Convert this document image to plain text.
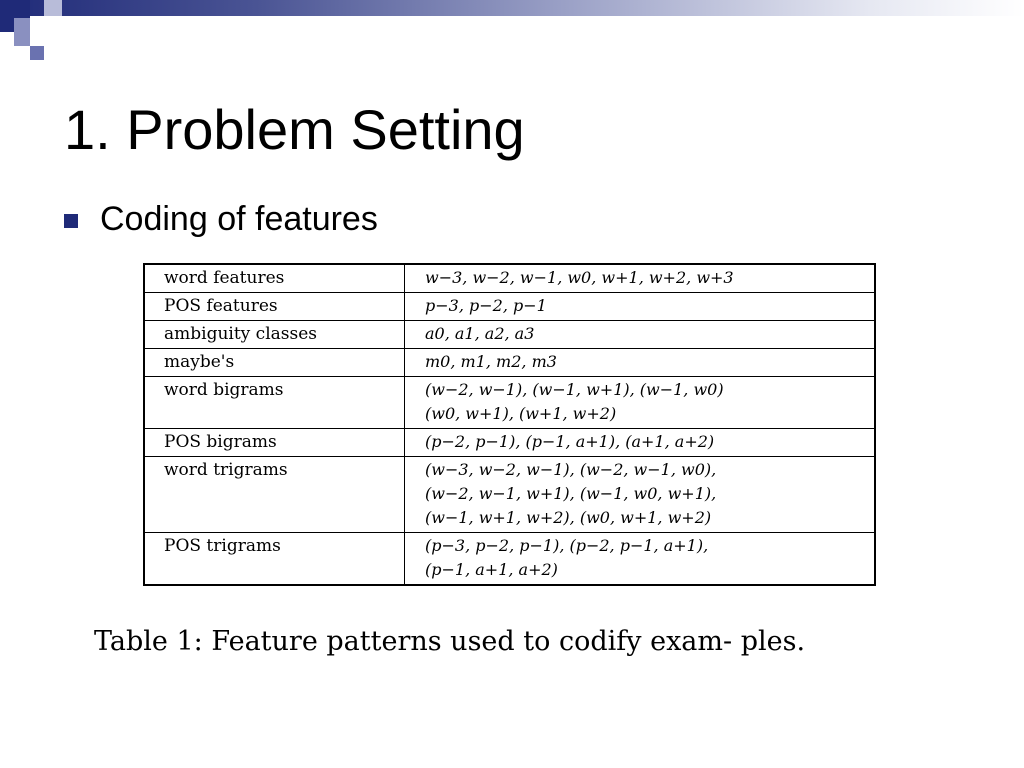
1. Problem Setting
Coding of features
word features	w−3, w−2, w−1, w0, w+1, w+2, w+3
POS features	p−3, p−2, p−1
ambiguity classes	a0, a1, a2, a3
maybe's	m0, m1, m2, m3
word bigrams	(w−2, w−1), (w−1, w+1), (w−1, w0)
(w0, w+1), (w+1, w+2)
POS bigrams	(p−2, p−1), (p−1, a+1), (a+1, a+2)
word trigrams	(w−3, w−2, w−1), (w−2, w−1, w0),
(w−2, w−1, w+1), (w−1, w0, w+1),
(w−1, w+1, w+2), (w0, w+1, w+2)
POS trigrams	(p−3, p−2, p−1), (p−2, p−1, a+1),
(p−1, a+1, a+2)

Table 1: Feature patterns used to codify exam- ples.
